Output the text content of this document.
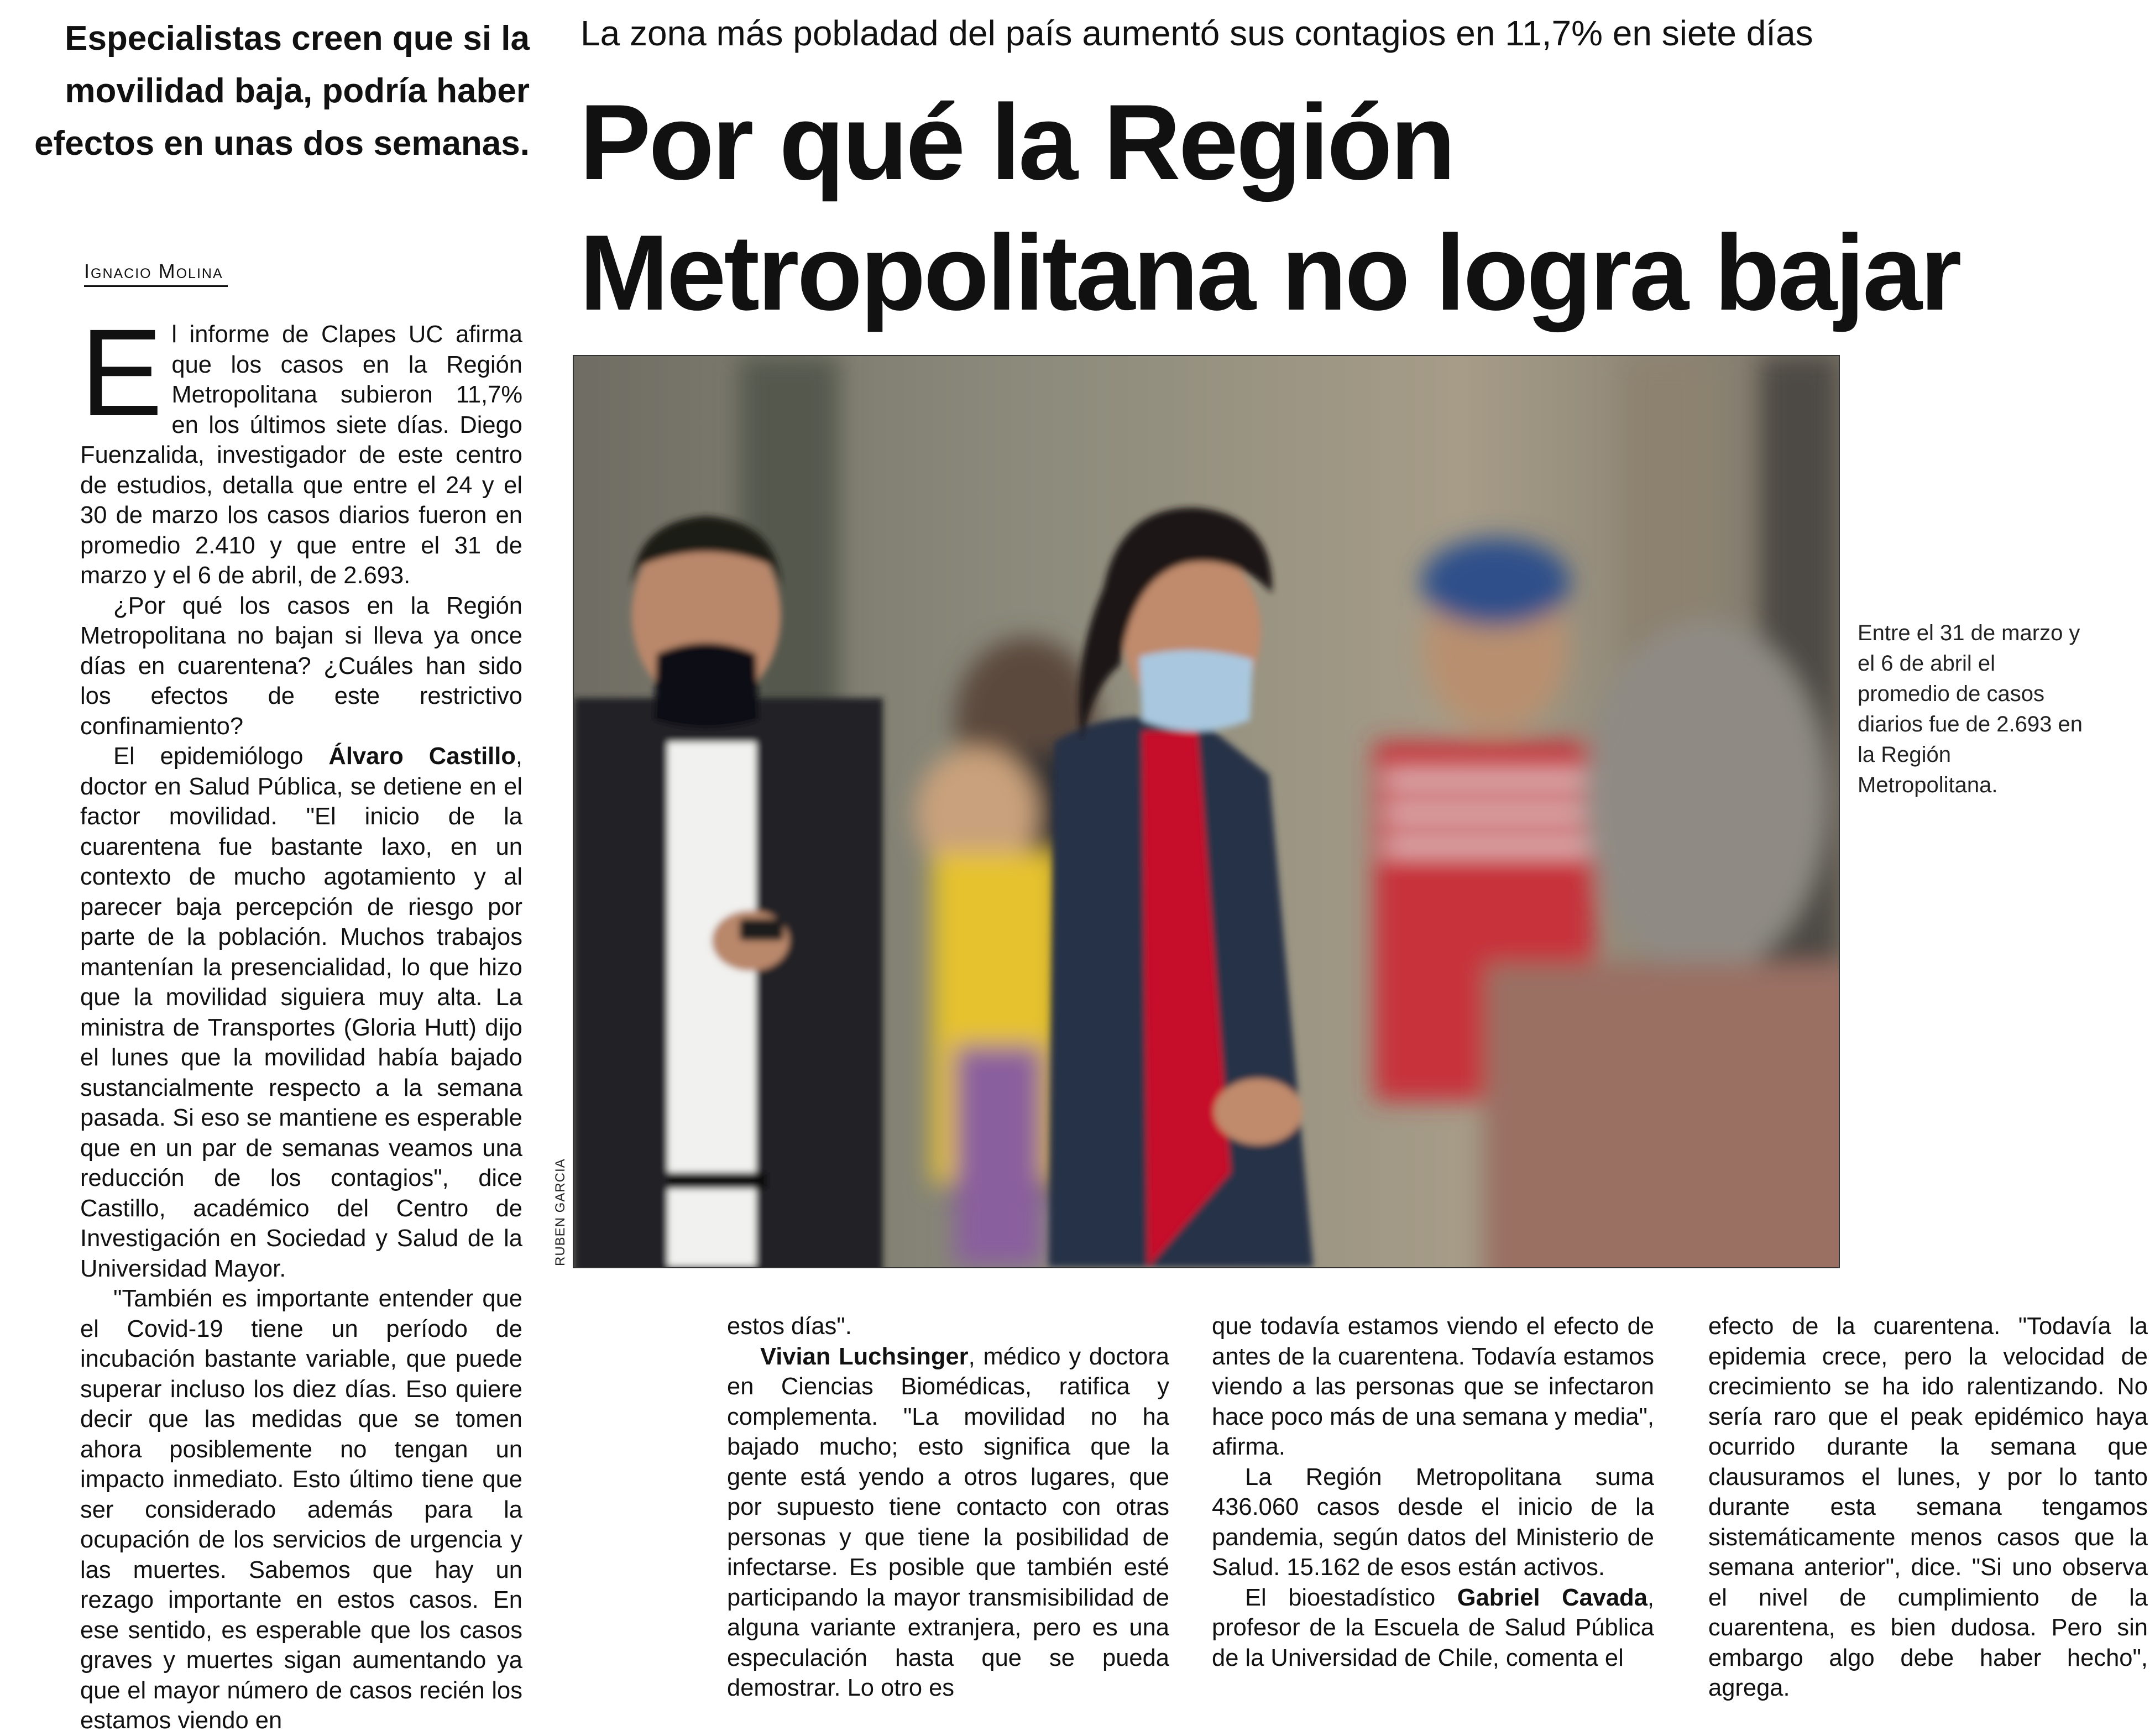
Especialistas creen que si la movilidad baja, podría haber efectos en unas dos semanas.
Ignacio Molina
La zona más pobladad del país aumentó sus contagios en 11,7% en siete días
Por qué la Región Metropolitana no logra bajar

El informe de Clapes UC afirma que los casos en la Región Metropolitana subieron 11,7% en los últimos siete días. Diego Fuenzalida, investigador de este centro de estudios, detalla que entre el 24 y el 30 de marzo los casos diarios fueron en promedio 2.410 y que entre el 31 de marzo y el 6 de abril, de 2.693.

¿Por qué los casos en la Región Metropolitana no bajan si lleva ya once días en cuarentena? ¿Cuáles han sido los efectos de este restrictivo confinamiento?

El epidemiólogo Álvaro Castillo, doctor en Salud Pública, se detiene en el factor movilidad. "El inicio de la cuarentena fue bastante laxo, en un contexto de mucho agotamiento y al parecer baja percepción de riesgo por parte de la población. Muchos trabajos mantenían la presencialidad, lo que hizo que la movilidad siguiera muy alta. La ministra de Transportes (Gloria Hutt) dijo el lunes que la movilidad había bajado sustancialmente respecto a la semana pasada. Si eso se mantiene es esperable que en un par de semanas veamos una reducción de los contagios", dice Castillo, académico del Centro de Investigación en Sociedad y Salud de la Universidad Mayor.

"También es importante entender que el Covid-19 tiene un período de incubación bastante variable, que puede superar incluso los diez días. Eso quiere decir que las medidas que se tomen ahora posiblemente no tengan un impacto inmediato. Esto último tiene que ser considerado además para la ocupación de los servicios de urgencia y las muertes. Sabemos que hay un rezago importante en estos casos. En ese sentido, es esperable que los casos graves y muertes sigan aumentando ya que el mayor número de casos recién los estamos viendo en

RUBEN GARCIA
Entre el 31 de marzo y el 6 de abril el promedio de casos diarios fue de 2.693 en la Región Metropolitana.

estos días".

Vivian Luchsinger, médico y doctora en Ciencias Biomédicas, ratifica y complementa. "La movilidad no ha bajado mucho; esto significa que la gente está yendo a otros lugares, que por supuesto tiene contacto con otras personas y que tiene la posibilidad de infectarse. Es posible que también esté participando la mayor transmisibilidad de alguna variante extranjera, pero es una especulación hasta que se pueda demostrar. Lo otro es

que todavía estamos viendo el efecto de antes de la cuarentena. Todavía estamos viendo a las personas que se infectaron hace poco más de una semana y media", afirma.

La Región Metropolitana suma 436.060 casos desde el inicio de la pandemia, según datos del Ministerio de Salud. 15.162 de esos están activos.

El bioestadístico Gabriel Cavada, profesor de la Escuela de Salud Pública de la Universidad de Chile, comenta el

efecto de la cuarentena. "Todavía la epidemia crece, pero la velocidad de crecimiento se ha ido ralentizando. No sería raro que el peak epidémico haya ocurrido durante la semana que clausuramos el lunes, y por lo tanto durante esta semana tengamos sistemáticamente menos casos que la semana anterior", dice. "Si uno observa el nivel de cumplimiento de la cuarentena, es bien dudosa. Pero sin embargo algo debe haber hecho", agrega.
